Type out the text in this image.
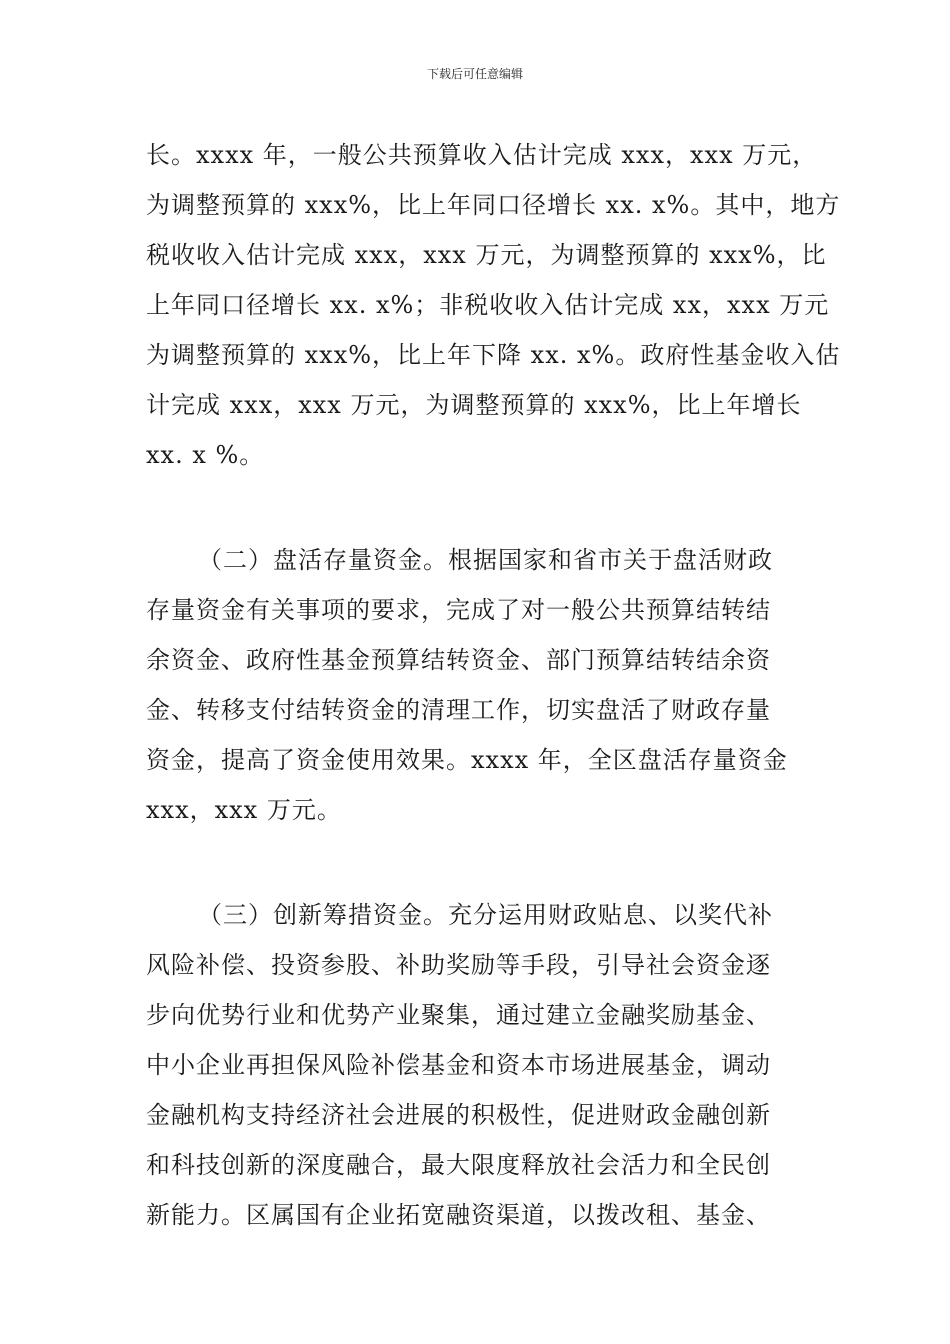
下载后可任意编辑
长。xxxx 年，一般公共预算收入估计完成 xxx，xxx 万元，
为调整预算的 xxx%，比上年同口径增长 xx. x%。其中，地方
税收收入估计完成 xxx，xxx 万元，为调整预算的 xxx%，比
上年同口径增长 xx. x%；非税收收入估计完成 xx，xxx 万元
为调整预算的 xxx%，比上年下降 xx. x%。政府性基金收入估
计完成 xxx，xxx 万元，为调整预算的 xxx%，比上年增长
xx. x %。
（二）盘活存量资金。根据国家和省市关于盘活财政
存量资金有关事项的要求，完成了对一般公共预算结转结
余资金、政府性基金预算结转资金、部门预算结转结余资
金、转移支付结转资金的清理工作，切实盘活了财政存量
资金，提高了资金使用效果。xxxx 年，全区盘活存量资金
xxx，xxx 万元。
（三）创新筹措资金。充分运用财政贴息、以奖代补
风险补偿、投资参股、补助奖励等手段，引导社会资金逐
步向优势行业和优势产业聚集，通过建立金融奖励基金、
中小企业再担保风险补偿基金和资本市场进展基金，调动
金融机构支持经济社会进展的积极性，促进财政金融创新
和科技创新的深度融合，最大限度释放社会活力和全民创
新能力。区属国有企业拓宽融资渠道，以拨改租、基金、
